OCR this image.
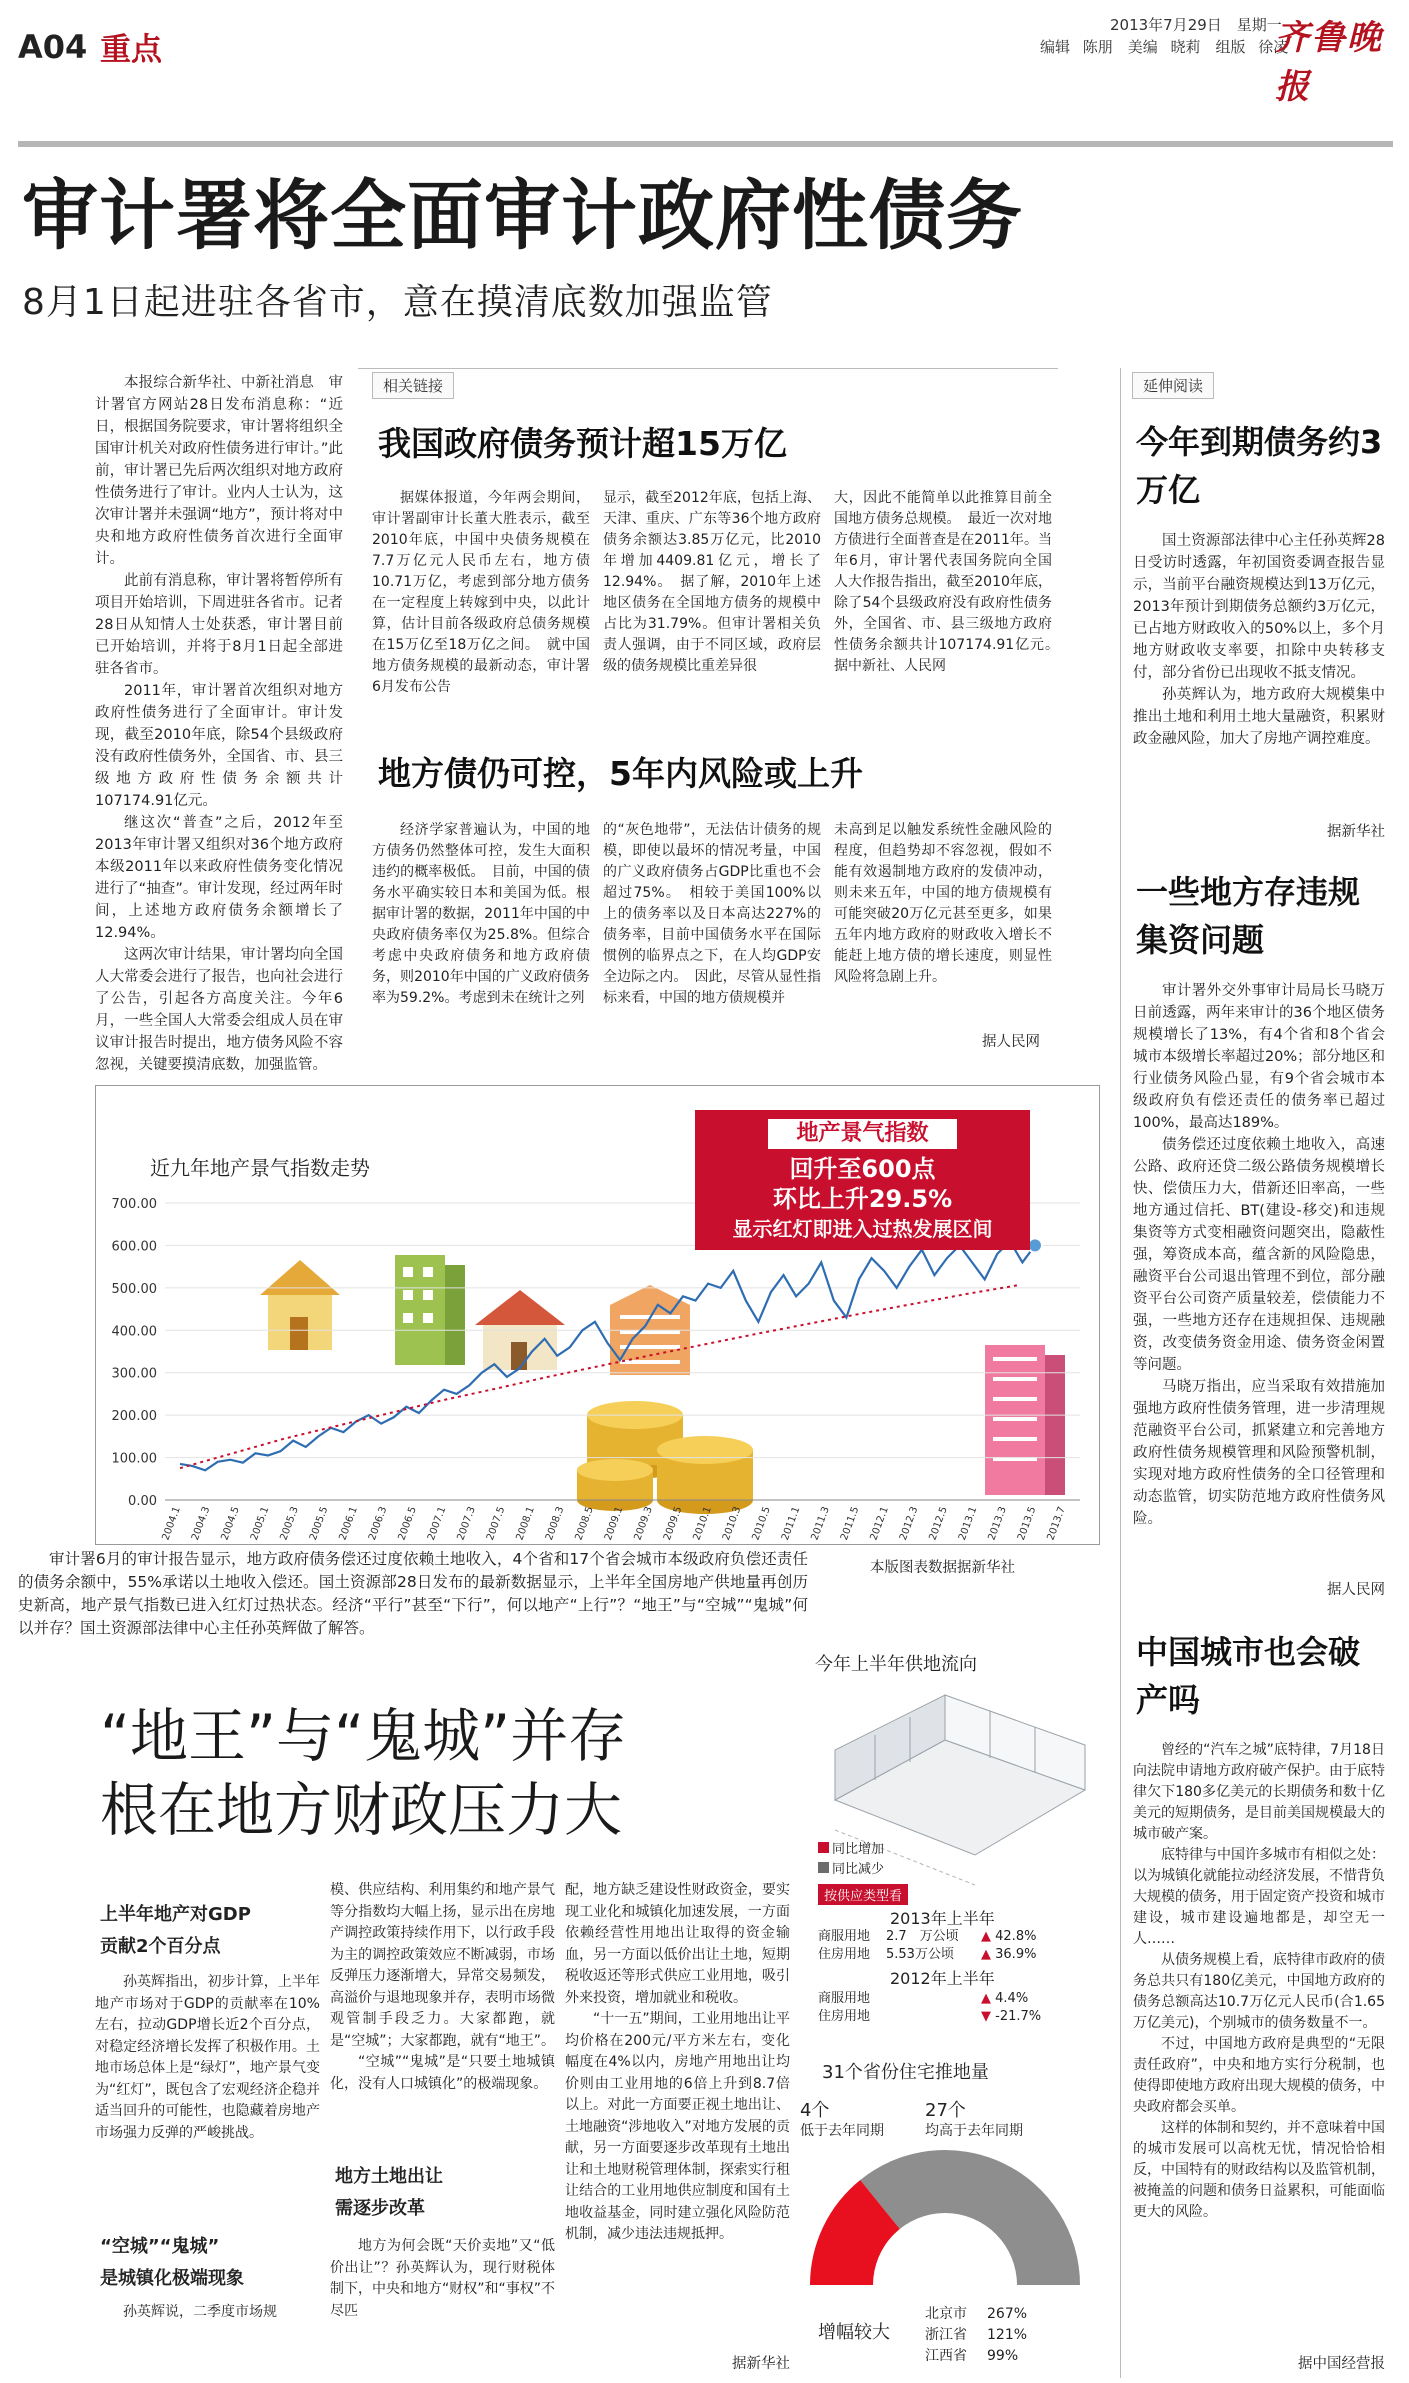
A04 重点
2013年7月29日　星期一
编辑 陈朋　美编 晓莉　组版 徐凌
齐鲁晚报
审计署将全面审计政府性债务
8月1日起进驻各省市，意在摸清底数加强监管

本报综合新华社、中新社消息　审计署官方网站28日发布消息称：“近日，根据国务院要求，审计署将组织全国审计机关对政府性债务进行审计。”此前，审计署已先后两次组织对地方政府性债务进行了审计。业内人士认为，这次审计署并未强调“地方”，预计将对中央和地方政府性债务首次进行全面审计。

此前有消息称，审计署将暂停所有项目开始培训，下周进驻各省市。记者28日从知情人士处获悉，审计署目前已开始培训，并将于8月1日起全部进驻各省市。

2011年，审计署首次组织对地方政府性债务进行了全面审计。审计发现，截至2010年底，除54个县级政府没有政府性债务外，全国省、市、县三级地方政府性债务余额共计107174.91亿元。

继这次“普查”之后，2012年至2013年审计署又组织对36个地方政府本级2011年以来政府性债务变化情况进行了“抽查”。审计发现，经过两年时间，上述地方政府债务余额增长了12.94%。

这两次审计结果，审计署均向全国人大常委会进行了报告，也向社会进行了公告，引起各方高度关注。今年6月，一些全国人大常委会组成人员在审议审计报告时提出，地方债务风险不容忽视，关键要摸清底数，加强监管。

相关链接
我国政府债务预计超15万亿

据媒体报道，今年两会期间，审计署副审计长董大胜表示，截至2010年底，中国中央债务规模在7.7万亿元人民币左右，地方债10.71万亿，考虑到部分地方债务在一定程度上转嫁到中央，以此计算，估计目前各级政府总债务规模在15万亿至18万亿之间。　就中国地方债务规模的最新动态，审计署6月发布公告

显示，截至2012年底，包括上海、天津、重庆、广东等36个地方政府债务余额达3.85万亿元，比2010年增加4409.81亿元，增长了12.94%。　据了解，2010年上述地区债务在全国地方债务的规模中占比为31.79%。但审计署相关负责人强调，由于不同区域，政府层级的债务规模比重差异很

大，因此不能简单以此推算目前全国地方债务总规模。　最近一次对地方债进行全面普查是在2011年。当年6月，审计署代表国务院向全国人大作报告指出，截至2010年底，除了54个县级政府没有政府性债务外，全国省、市、县三级地方政府性债务余额共计107174.91亿元。　据中新社、人民网

地方债仍可控，5年内风险或上升

经济学家普遍认为，中国的地方债务仍然整体可控，发生大面积违约的概率极低。　目前，中国的债务水平确实较日本和美国为低。根据审计署的数据，2011年中国的中央政府债务率仅为25.8%。但综合考虑中央政府债务和地方政府债务，则2010年中国的广义政府债务率为59.2%。考虑到未在统计之列

的“灰色地带”，无法估计债务的规模，即使以最坏的情况考量，中国的广义政府债务占GDP比重也不会超过75%。　相较于美国100%以上的债务率以及日本高达227%的债务率，目前中国债务水平在国际惯例的临界点之下，在人均GDP安全边际之内。　因此，尽管从显性指标来看，中国的地方债规模并

未高到足以触发系统性金融风险的程度，但趋势却不容忽视，假如不能有效遏制地方政府的发债冲动，则未来五年，中国的地方债规模有可能突破20万亿元甚至更多，如果五年内地方政府的财政收入增长不能赶上地方债的增长速度，则显性风险将急剧上升。

据人民网
延伸阅读
今年到期债务约3万亿

国土资源部法律中心主任孙英辉28日受访时透露，年初国资委调查报告显示，当前平台融资规模达到13万亿元，2013年预计到期债务总额约3万亿元，已占地方财政收入的50%以上，多个月地方财政收支率要，扣除中央转移支付，部分省份已出现收不抵支情况。

孙英辉认为，地方政府大规模集中推出土地和利用土地大量融资，积累财政金融风险，加大了房地产调控难度。

据新华社
一些地方存违规集资问题

审计署外交外事审计局局长马晓万日前透露，两年来审计的36个地区债务规模增长了13%，有4个省和8个省会城市本级增长率超过20%；部分地区和行业债务风险凸显，有9个省会城市本级政府负有偿还责任的债务率已超过100%，最高达189%。

债务偿还过度依赖土地收入，高速公路、政府还贷二级公路债务规模增长快、偿债压力大，借新还旧率高，一些地方通过信托、BT(建设-移交)和违规集资等方式变相融资问题突出，隐蔽性强，筹资成本高，蕴含新的风险隐患，融资平台公司退出管理不到位，部分融资平台公司资产质量较差，偿债能力不强，一些地方还存在违规担保、违规融资，改变债务资金用途、债务资金闲置等问题。

马晓万指出，应当采取有效措施加强地方政府性债务管理，进一步清理规范融资平台公司，抓紧建立和完善地方政府性债务规模管理和风险预警机制，实现对地方政府性债务的全口径管理和动态监管，切实防范地方政府性债务风险。

据人民网
中国城市也会破产吗

曾经的“汽车之城”底特律，7月18日向法院申请地方政府破产保护。由于底特律欠下180多亿美元的长期债务和数十亿美元的短期债务，是目前美国规模最大的城市破产案。

底特律与中国许多城市有相似之处：以为城镇化就能拉动经济发展，不惜背负大规模的债务，用于固定资产投资和城市建设，城市建设遍地都是，却空无一人……

从债务规模上看，底特律市政府的债务总共只有180亿美元，中国地方政府的债务总额高达10.7万亿元人民币(合1.65万亿美元)，个别城市的债务数量不一。

不过，中国地方政府是典型的“无限责任政府”，中央和地方实行分税制，也使得即使地方政府出现大规模的债务，中央政府都会买单。

这样的体制和契约，并不意味着中国的城市发展可以高枕无忧，情况恰恰相反，中国特有的财政结构以及监管机制，被掩盖的问题和债务日益累积，可能面临更大的风险。

据中国经营报
近九年地产景气指数走势
0.00
100.00
200.00
300.00
400.00
500.00
600.00
700.00
2004.1 2004.3 2004.5 2005.1 2005.3 2005.5 2006.1 2006.3 2006.5 2007.1 2007.3 2007.5 2008.1 2008.3 2008.5 2009.1 2009.3 2009.5 2010.1 2010.3 2010.5 2011.1 2011.3 2011.5 2012.1 2012.3 2012.5 2013.1 2013.3 2013.5 2013.7
地产景气指数
回升至600点
环比上升29.5%
显示红灯即进入过热发展区间
本版图表数据据新华社

审计署6月的审计报告显示，地方政府债务偿还过度依赖土地收入，4个省和17个省会城市本级政府负偿还责任的债务余额中，55%承诺以土地收入偿还。国土资源部28日发布的最新数据显示，上半年全国房地产供地量再创历史新高，地产景气指数已进入红灯过热状态。经济“平行”甚至“下行”，何以地产“上行”？“地王”与“空城”“鬼城”何以并存？国土资源部法律中心主任孙英辉做了解答。

“地王”与“鬼城”并存
根在地方财政压力大
上半年地产对GDP
贡献2个百分点

孙英辉指出，初步计算，上半年地产市场对于GDP的贡献率在10%左右，拉动GDP增长近2个百分点，对稳定经济增长发挥了积极作用。土地市场总体上是“绿灯”，地产景气变为“红灯”，既包含了宏观经济企稳并适当回升的可能性，也隐藏着房地产市场强力反弹的严峻挑战。

“空城”“鬼城”
是城镇化极端现象

孙英辉说，二季度市场规

模、供应结构、利用集约和地产景气等分指数均大幅上扬，显示出在房地产调控政策持续作用下，以行政手段为主的调控政策效应不断减弱，市场反弹压力逐渐增大，异常交易频发，高溢价与退地现象并存，表明市场微观管制手段乏力。大家都跑，就是“空城”；大家都跑，就有“地王”。

“空城”“鬼城”是“只要土地城镇化，没有人口城镇化”的极端现象。

地方土地出让
需逐步改革

地方为何会既“天价卖地”又“低价出让”？孙英辉认为，现行财税体制下，中央和地方“财权”和“事权”不尽匹

配，地方缺乏建设性财政资金，要实现工业化和城镇化加速发展，一方面依赖经营性用地出让取得的资金输血，另一方面以低价出让土地，短期税收返还等形式供应工业用地，吸引外来投资，增加就业和税收。

“十一五”期间，工业用地出让平均价格在200元/平方米左右，变化幅度在4%以内，房地产用地出让均价则由工业用地的6倍上升到8.7倍以上。对此一方面要正视土地出让、土地融资“涉地收入”对地方发展的贡献，另一方面要逐步改革现有土地出让和土地财税管理体制，探索实行租让结合的工业用地供应制度和国有土地收益基金，同时建立强化风险防范机制，减少违法违规抵押。

据新华社
今年上半年供地流向
同比增加
同比减少
按供应类型看
2013年上半年
商服用地 2.7　万公顷 ▲ 42.8%
住房用地 5.53万公顷 ▲ 36.9%
2012年上半年
商服用地	▲ 4.4%
住房用地	▼ -21.7%
31个省份住宅推地量
4个
低于去年同期
27个
均高于去年同期
增幅较大
北京市 267%
浙江省 121%
江西省 99%
